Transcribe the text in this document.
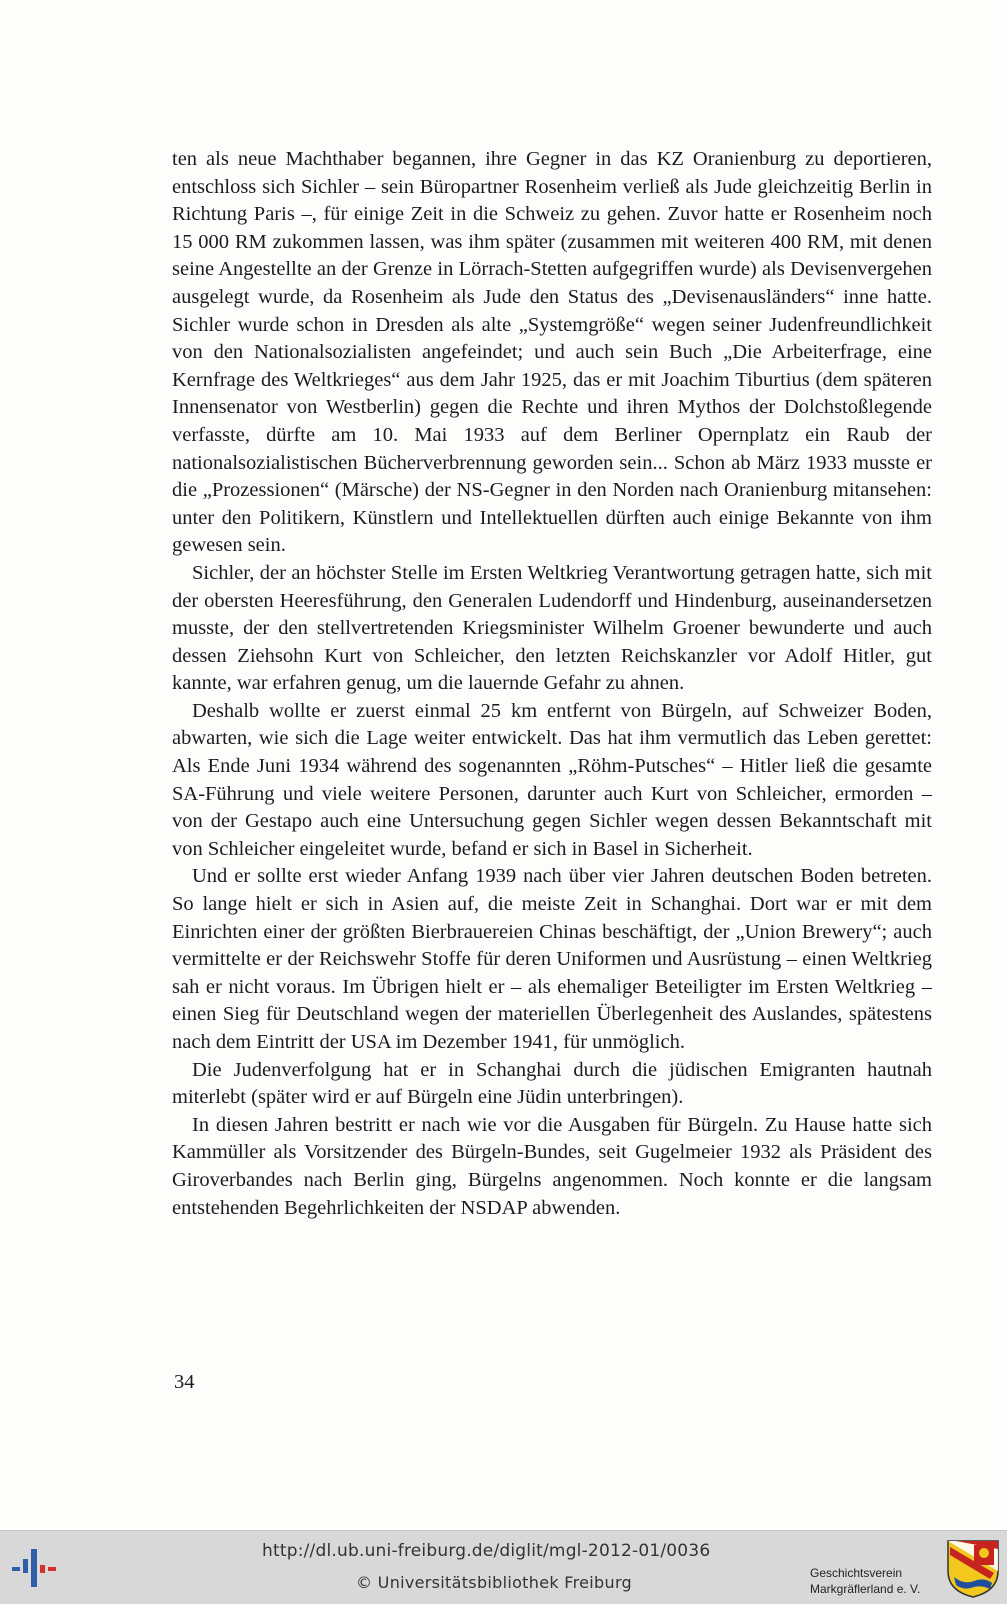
ten als neue Machthaber begannen, ihre Gegner in das KZ Oranienburg zu deportieren, entschloss sich Sichler – sein Büropartner Rosenheim verließ als Jude gleichzeitig Berlin in Richtung Paris –, für einige Zeit in die Schweiz zu gehen. Zuvor hatte er Rosenheim noch 15 000 RM zukommen lassen, was ihm später (zusammen mit weiteren 400 RM, mit denen seine Angestellte an der Grenze in Lörrach-Stetten aufgegriffen wurde) als Devisenvergehen ausgelegt wurde, da Rosenheim als Jude den Status des „Devisenausländers“ inne hatte. Sichler wurde schon in Dresden als alte „Systemgröße“ wegen seiner Judenfreundlichkeit von den Nationalsozialisten angefeindet; und auch sein Buch „Die Arbeiterfrage, eine Kernfrage des Weltkrieges“ aus dem Jahr 1925, das er mit Joachim Tiburtius (dem späteren Innensenator von Westberlin) gegen die Rechte und ihren Mythos der Dolchstoßlegende verfasste, dürfte am 10. Mai 1933 auf dem Berliner Opernplatz ein Raub der nationalsozialistischen Bücherverbrennung geworden sein... Schon ab März 1933 musste er die „Prozessionen“ (Märsche) der NS-Gegner in den Norden nach Oranienburg mitansehen: unter den Politikern, Künstlern und Intellektuellen dürften auch einige Bekannte von ihm gewesen sein.

Sichler, der an höchster Stelle im Ersten Weltkrieg Verantwortung getragen hatte, sich mit der obersten Heeresführung, den Generalen Ludendorff und Hindenburg, auseinandersetzen musste, der den stellvertretenden Kriegsminister Wilhelm Groener bewunderte und auch dessen Ziehsohn Kurt von Schleicher, den letzten Reichskanzler vor Adolf Hitler, gut kannte, war erfahren genug, um die lauernde Gefahr zu ahnen.

Deshalb wollte er zuerst einmal 25 km entfernt von Bürgeln, auf Schweizer Boden, abwarten, wie sich die Lage weiter entwickelt. Das hat ihm vermutlich das Leben gerettet: Als Ende Juni 1934 während des sogenannten „Röhm-Putsches“ – Hitler ließ die gesamte SA-Führung und viele weitere Personen, darunter auch Kurt von Schleicher, ermorden – von der Gestapo auch eine Untersuchung gegen Sichler wegen dessen Bekanntschaft mit von Schleicher eingeleitet wurde, befand er sich in Basel in Sicherheit.

Und er sollte erst wieder Anfang 1939 nach über vier Jahren deutschen Boden betreten. So lange hielt er sich in Asien auf, die meiste Zeit in Schanghai. Dort war er mit dem Einrichten einer der größten Bierbrauereien Chinas beschäftigt, der „Union Brewery“; auch vermittelte er der Reichswehr Stoffe für deren Uniformen und Ausrüstung – einen Weltkrieg sah er nicht voraus. Im Übrigen hielt er – als ehemaliger Beteiligter im Ersten Weltkrieg – einen Sieg für Deutschland wegen der materiellen Überlegenheit des Auslandes, spätestens nach dem Eintritt der USA im Dezember 1941, für unmöglich.

Die Judenverfolgung hat er in Schanghai durch die jüdischen Emigranten hautnah miterlebt (später wird er auf Bürgeln eine Jüdin unterbringen).

In diesen Jahren bestritt er nach wie vor die Ausgaben für Bürgeln. Zu Hause hatte sich Kammüller als Vorsitzender des Bürgeln-Bundes, seit Gugelmeier 1932 als Präsident des Giroverbandes nach Berlin ging, Bürgelns angenommen. Noch konnte er die langsam entstehenden Begehrlichkeiten der NSDAP abwenden.

34
http://dl.ub.uni-freiburg.de/diglit/mgl-2012-01/0036
© Universitätsbibliothek Freiburg	Geschichtsverein
Markgräflerland e. V.
